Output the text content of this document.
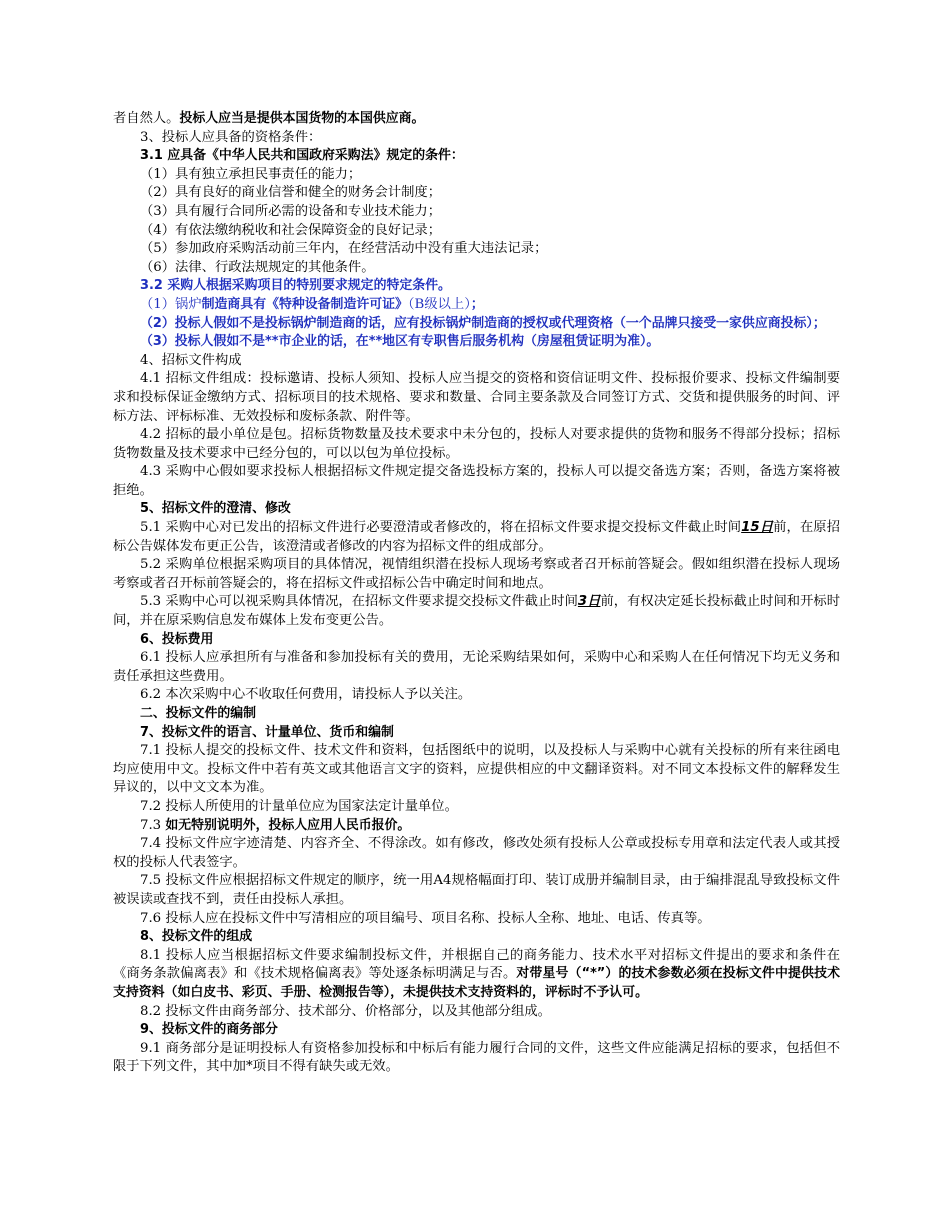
者自然人。投标人应当是提供本国货物的本国供应商。
3、投标人应具备的资格条件：
3.1 应具备《中华人民共和国政府采购法》规定的条件：
（1）具有独立承担民事责任的能力；
（2）具有良好的商业信誉和健全的财务会计制度；
（3）具有履行合同所必需的设备和专业技术能力；
（4）有依法缴纳税收和社会保障资金的良好记录；
（5）参加政府采购活动前三年内，在经营活动中没有重大违法记录；
（6）法律、行政法规规定的其他条件。
3.2 采购人根据采购项目的特别要求规定的特定条件。
（1）锅炉制造商具有《特种设备制造许可证》（B级以上）；

（2）投标人假如不是投标锅炉制造商的话，应有投标锅炉制造商的授权或代理资格（一个品牌只接受一家供应商投标）；

（3）投标人假如不是**市企业的话，在**地区有专职售后服务机构（房屋租赁证明为准）。
4、招标文件构成

4.1 招标文件组成：投标邀请、投标人须知、投标人应当提交的资格和资信证明文件、投标报价要求、投标文件编制要求和投标保证金缴纳方式、招标项目的技术规格、要求和数量、合同主要条款及合同签订方式、交货和提供服务的时间、评标方法、评标标准、无效投标和废标条款、附件等。

4.2 招标的最小单位是包。招标货物数量及技术要求中未分包的，投标人对要求提供的货物和服务不得部分投标；招标货物数量及技术要求中已经分包的，可以以包为单位投标。

4.3 采购中心假如要求投标人根据招标文件规定提交备选投标方案的，投标人可以提交备选方案；否则，备选方案将被拒绝。

5、招标文件的澄清、修改

5.1 采购中心对已发出的招标文件进行必要澄清或者修改的，将在招标文件要求提交投标文件截止时间15日前，在原招标公告媒体发布更正公告，该澄清或者修改的内容为招标文件的组成部分。

5.2 采购单位根据采购项目的具体情况，视情组织潜在投标人现场考察或者召开标前答疑会。假如组织潜在投标人现场考察或者召开标前答疑会的，将在招标文件或招标公告中确定时间和地点。

5.3 采购中心可以视采购具体情况，在招标文件要求提交投标文件截止时间3日前，有权决定延长投标截止时间和开标时间，并在原采购信息发布媒体上发布变更公告。

6、投标费用

6.1 投标人应承担所有与准备和参加投标有关的费用，无论采购结果如何，采购中心和采购人在任何情况下均无义务和责任承担这些费用。

6.2 本次采购中心不收取任何费用，请投标人予以关注。
二、投标文件的编制
7、投标文件的语言、计量单位、货币和编制

7.1 投标人提交的投标文件、技术文件和资料，包括图纸中的说明，以及投标人与采购中心就有关投标的所有来往函电均应使用中文。投标文件中若有英文或其他语言文字的资料，应提供相应的中文翻译资料。对不同文本投标文件的解释发生异议的，以中文文本为准。

7.2 投标人所使用的计量单位应为国家法定计量单位。
7.3 如无特别说明外，投标人应用人民币报价。

7.4 投标文件应字迹清楚、内容齐全、不得涂改。如有修改，修改处须有投标人公章或投标专用章和法定代表人或其授权的投标人代表签字。

7.5 投标文件应根据招标文件规定的顺序，统一用A4规格幅面打印、装订成册并编制目录，由于编排混乱导致投标文件被误读或查找不到，责任由投标人承担。

7.6 投标人应在投标文件中写清相应的项目编号、项目名称、投标人全称、地址、电话、传真等。
8、投标文件的组成

8.1 投标人应当根据招标文件要求编制投标文件，并根据自己的商务能力、技术水平对招标文件提出的要求和条件在《商务条款偏离表》和《技术规格偏离表》等处逐条标明满足与否。对带星号（“*”）的技术参数必须在投标文件中提供技术支持资料（如白皮书、彩页、手册、检测报告等），未提供技术支持资料的，评标时不予认可。

8.2 投标文件由商务部分、技术部分、价格部分，以及其他部分组成。
9、投标文件的商务部分

9.1 商务部分是证明投标人有资格参加投标和中标后有能力履行合同的文件，这些文件应能满足招标的要求，包括但不限于下列文件，其中加*项目不得有缺失或无效。
